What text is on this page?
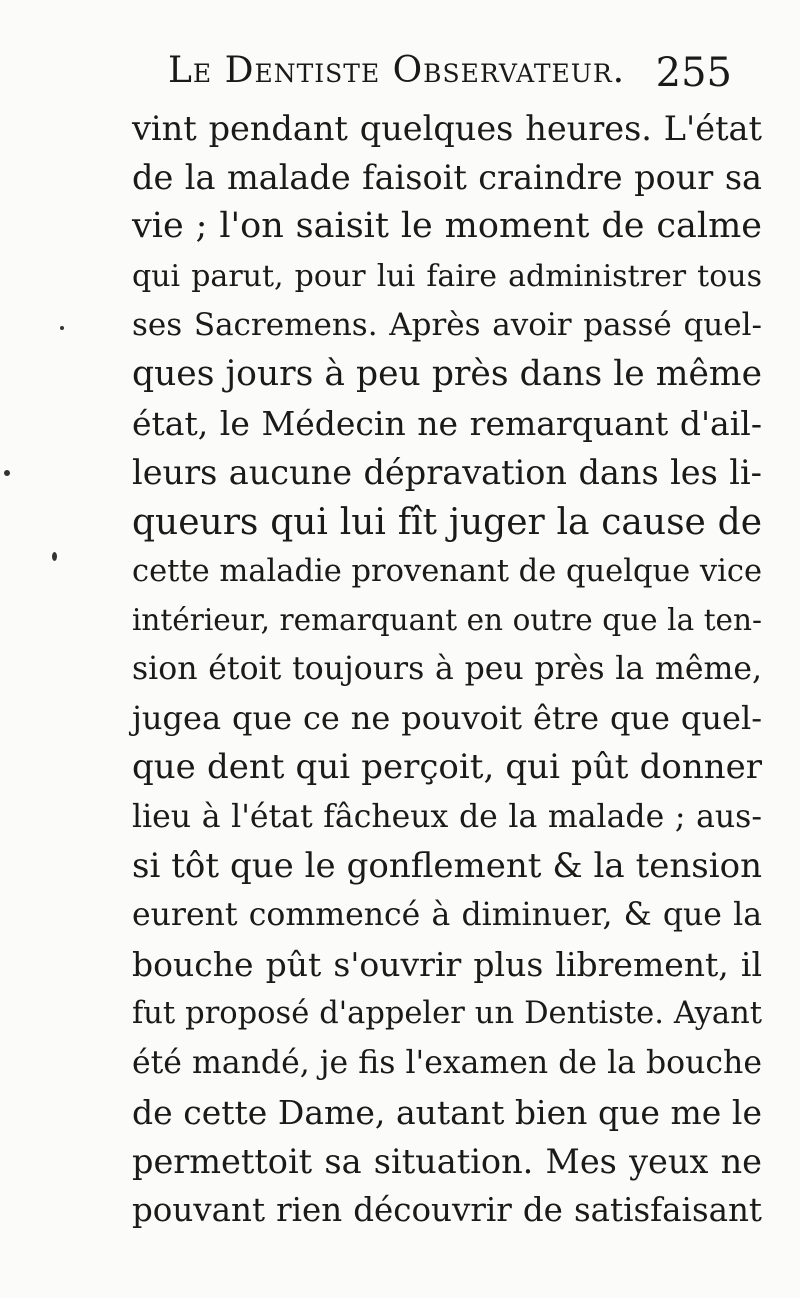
Le Dentiste Observateur. 255
vint pendant quelques heures. L'état
de la malade faisoit craindre pour sa
vie ; l'on saisit le moment de calme
qui parut, pour lui faire administrer tous
ses Sacremens. Après avoir passé quel-
ques jours à peu près dans le même
état, le Médecin ne remarquant d'ail-
leurs aucune dépravation dans les li-
queurs qui lui fît juger la cause de
cette maladie provenant de quelque vice
intérieur, remarquant en outre que la ten-
sion étoit toujours à peu près la même,
jugea que ce ne pouvoit être que quel-
que dent qui perçoit, qui pût donner
lieu à l'état fâcheux de la malade ; aus-
si tôt que le gonflement & la tension
eurent commencé à diminuer, & que la
bouche pût s'ouvrir plus librement, il
fut proposé d'appeler un Dentiste. Ayant
été mandé, je fis l'examen de la bouche
de cette Dame, autant bien que me le
permettoit sa situation. Mes yeux ne
pouvant rien découvrir de satisfaisant
